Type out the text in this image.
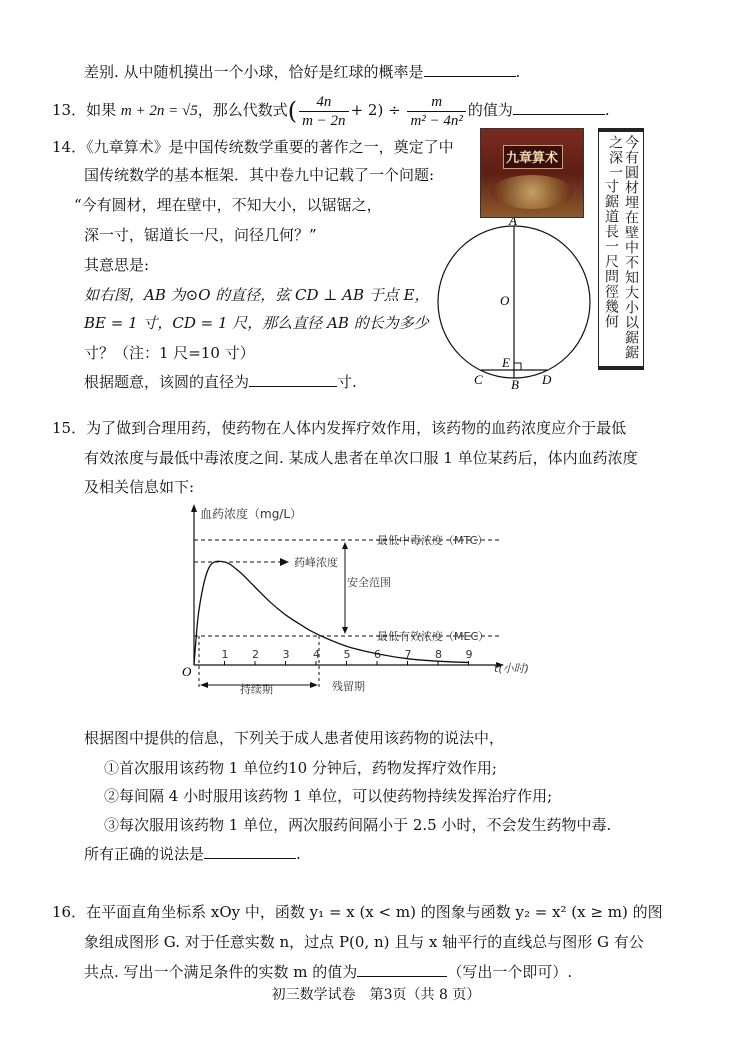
差别. 从中随机摸出一个小球，恰好是红球的概率是	.
13．如果 m + 2n = √5，那么代数式( $\frac{4n}{m - 2n} + 2) \div \frac{m}{\text{m² − 4n²}}$ 的值为	.
14．《九章算术》是中国传统数学重要的著作之一，奠定了中
国传统数学的基本框架．其中卷九中记载了一个问题:
“今有圆材，埋在壁中，不知大小，以锯锯之，
深一寸，锯道长一尺，问径几何？”
其意思是:
如右图，AB 为⊙O 的直径，弦 CD ⊥ AB 于点 E，
BE = 1 寸，CD = 1 尺，那么直径 AB 的长为多少
寸？（注：1 尺=10 寸）
根据题意，该圆的直径为	寸.
九章算术	今有圓材埋在壁中不知大小以鋸鋸之深一
寸鋸道長一尺問徑幾何
A
O
E
C B D
15．为了做到合理用药，使药物在人体内发挥疗效作用，该药物的血药浓度应介于最低
有效浓度与最低中毒浓度之间. 某成人患者在单次口服 1 单位某药后，体内血药浓度
及相关信息如下:
血药浓度（mg/L）
O	t(小时)
最低中毒浓度（MTC）
药峰浓度
安全范围
最低有效浓度（MEC）
持续期	残留期
1 2 3 4 5 6 7 8 9
根据图中提供的信息，下列关于成人患者使用该药物的说法中，
①首次服用该药物 1 单位约10 分钟后，药物发挥疗效作用;
②每间隔 4 小时服用该药物 1 单位，可以使药物持续发挥治疗作用;
③每次服用该药物 1 单位，两次服药间隔小于 2.5 小时，不会发生药物中毒.
所有正确的说法是	.
16．在平面直角坐标系 xOy 中，函数 y₁ = x (x < m) 的图象与函数 y₂ = x² (x ≥ m) 的图
象组成图形 G. 对于任意实数 n，过点 P(0, n) 且与 x 轴平行的直线总与图形 G 有公
共点. 写出一个满足条件的实数 m 的值为	（写出一个即可）.
初三数学试卷　第3页（共 8 页）
